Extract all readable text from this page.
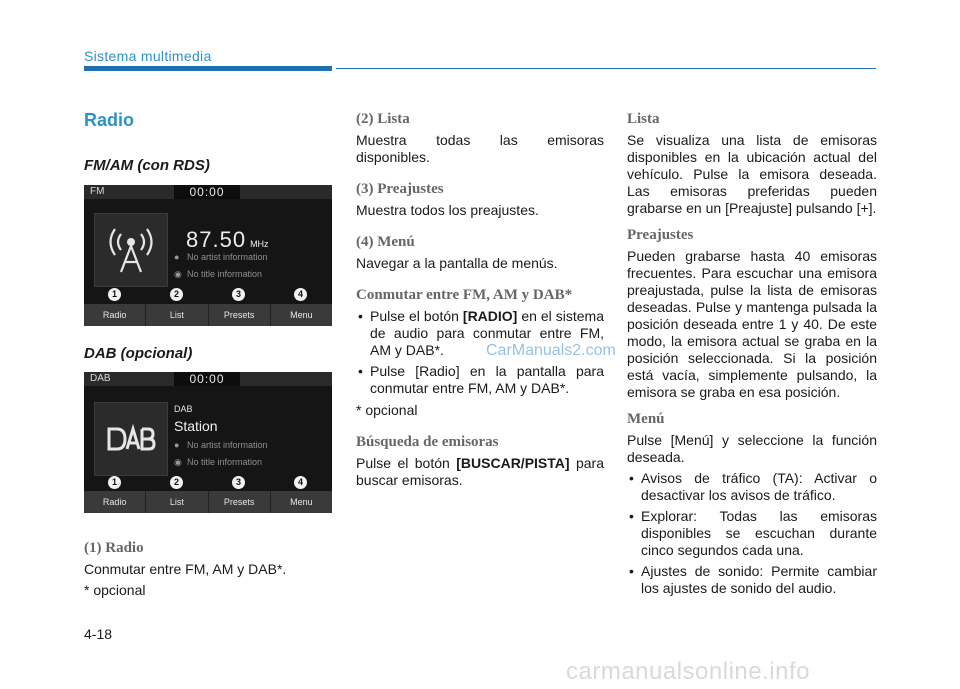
Sistema multimedia
Radio
FM/AM (con RDS)
FM	00:00
87.50 MHz
● No artist information
◉ No title information
1	2	3	4
Radio	List	Presets	Menu
DAB (opcional)
DAB	00:00
DAB
Station
● No artist information
◉ No title information
1	2	3	4
Radio	List	Presets	Menu
(1) Radio
Conmutar entre FM, AM y DAB*.
* opcional
(2) Lista
Muestra todas las emisoras disponibles.
(3) Preajustes
Muestra todos los preajustes.
(4) Menú
Navegar a la pantalla de menús.
Conmutar entre FM, AM y DAB*
• Pulse el botón [RADIO] en el sistema de audio para conmutar entre FM, AM y DAB*.
• Pulse [Radio] en la pantalla para conmutar entre FM, AM y DAB*.
* opcional
Búsqueda de emisoras
Pulse el botón [BUSCAR/PISTA] para buscar emisoras.
Lista
Se visualiza una lista de emisoras disponibles en la ubicación actual del vehículo. Pulse la emisora deseada. Las emisoras preferidas pueden grabarse en un [Preajuste] pulsando [+].
Preajustes
Pueden grabarse hasta 40 emisoras frecuentes. Para escuchar una emisora preajustada, pulse la lista de emisoras deseadas. Pulse y mantenga pulsada la posición deseada entre 1 y 40. De este modo, la emisora actual se graba en la posición seleccionada. Si la posición está vacía, simplemente pulsando, la emisora se graba en esa posición.
Menú
Pulse [Menú] y seleccione la función deseada.
• Avisos de tráfico (TA): Activar o desactivar los avisos de tráfico.
• Explorar: Todas las emisoras disponibles se escuchan durante cinco segundos cada una.
• Ajustes de sonido: Permite cambiar los ajustes de sonido del audio.
CarManuals2.com
4-18
carmanualsonline.info
